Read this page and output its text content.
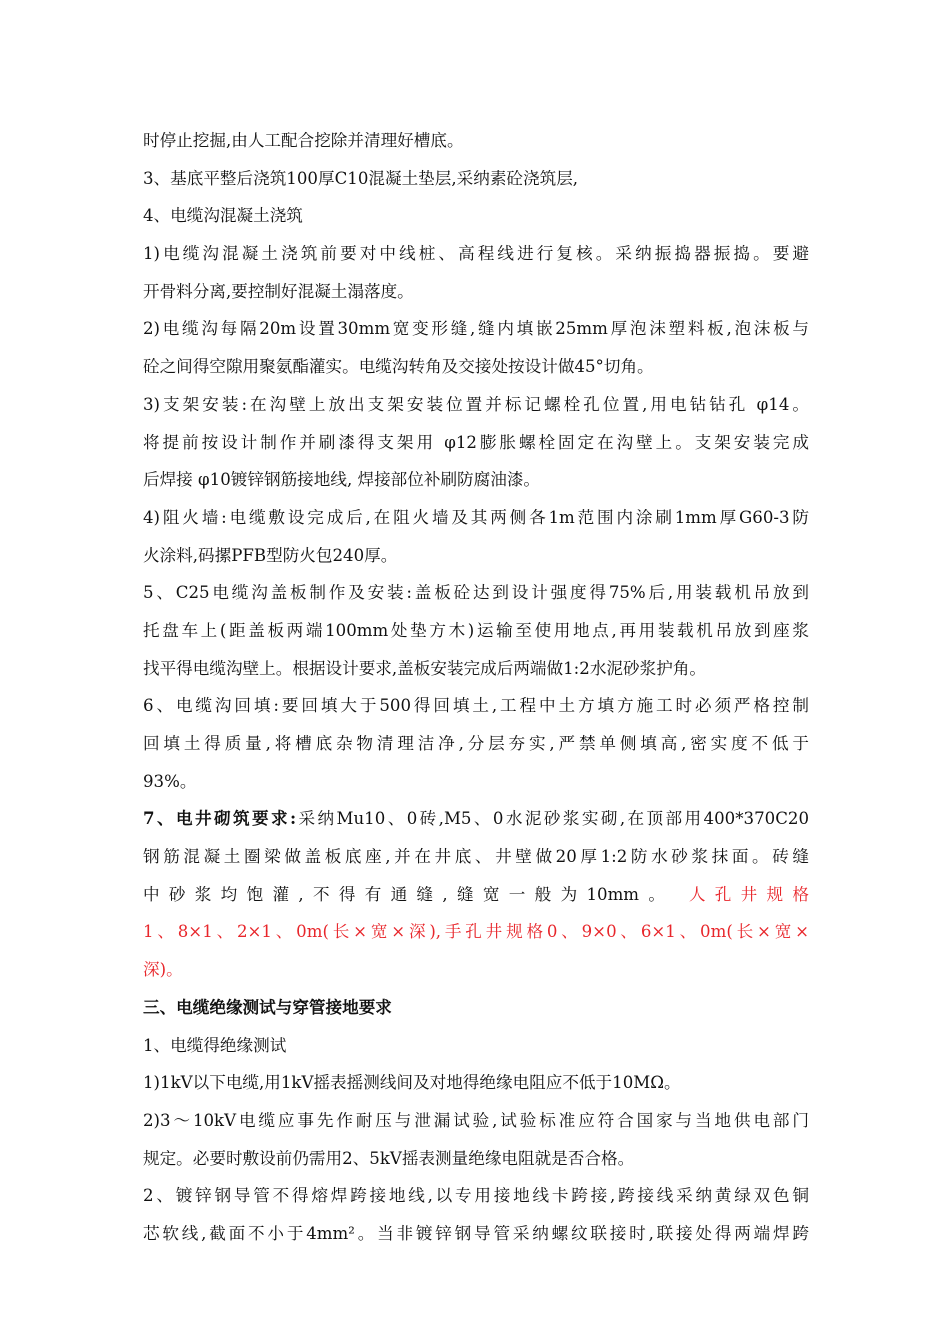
时停止挖掘,由人工配合挖除并清理好槽底。
3、基底平整后浇筑100厚C10混凝土垫层,采纳素砼浇筑层,
4、电缆沟混凝土浇筑
1)电缆沟混凝土浇筑前要对中线桩、高程线进行复核。采纳振捣器振捣。要避
开骨料分离,要控制好混凝土溻落度。
2)电缆沟每隔20m设置30mm宽变形缝,缝内填嵌25mm厚泡沫塑料板,泡沫板与
砼之间得空隙用聚氨酯灌实。电缆沟转角及交接处按设计做45°切角。
3)支架安装:在沟壁上放出支架安装位置并标记螺栓孔位置,用电钻钻孔 φ14。
将提前按设计制作并刷漆得支架用 φ12膨胀螺栓固定在沟壁上。支架安装完成
后焊接 φ10镀锌钢筋接地线, 焊接部位补刷防腐油漆。
4)阻火墙:电缆敷设完成后,在阻火墙及其两侧各1m范围内涂刷1mm厚G60-3防
火涂料,码摞PFB型防火包240厚。
5、C25电缆沟盖板制作及安装:盖板砼达到设计强度得75%后,用装载机吊放到
托盘车上(距盖板两端100mm处垫方木)运输至使用地点,再用装载机吊放到座浆
找平得电缆沟壁上。根据设计要求,盖板安装完成后两端做1:2水泥砂浆护角。
6、电缆沟回填:要回填大于500得回填土,工程中土方填方施工时必须严格控制
回填土得质量,将槽底杂物清理洁净,分层夯实,严禁单侧填高,密实度不低于
93%。
7、电井砌筑要求:采纳Mu10、0砖,M5、0水泥砂浆实砌,在顶部用400*370C20
钢筋混凝土圈梁做盖板底座,并在井底、井壁做20厚1:2防水砂浆抹面。砖缝
中砂浆均饱灌,不得有通缝,缝宽一般为10mm。 人孔井规格
1、8×1、2×1、0m(长×宽×深),手孔井规格0、9×0、6×1、0m(长×宽×
深)。
三、电缆绝缘测试与穿管接地要求
1、电缆得绝缘测试
1)1kV以下电缆,用1kV摇表摇测线间及对地得绝缘电阻应不低于10MΩ。
2)3～10kV电缆应事先作耐压与泄漏试验,试验标准应符合国家与当地供电部门
规定。必要时敷设前仍需用2、5kV摇表测量绝缘电阻就是否合格。
2、镀锌钢导管不得熔焊跨接地线,以专用接地线卡跨接,跨接线采纳黄绿双色铜
芯软线,截面不小于4mm²。当非镀锌钢导管采纳螺纹联接时,联接处得两端焊跨
